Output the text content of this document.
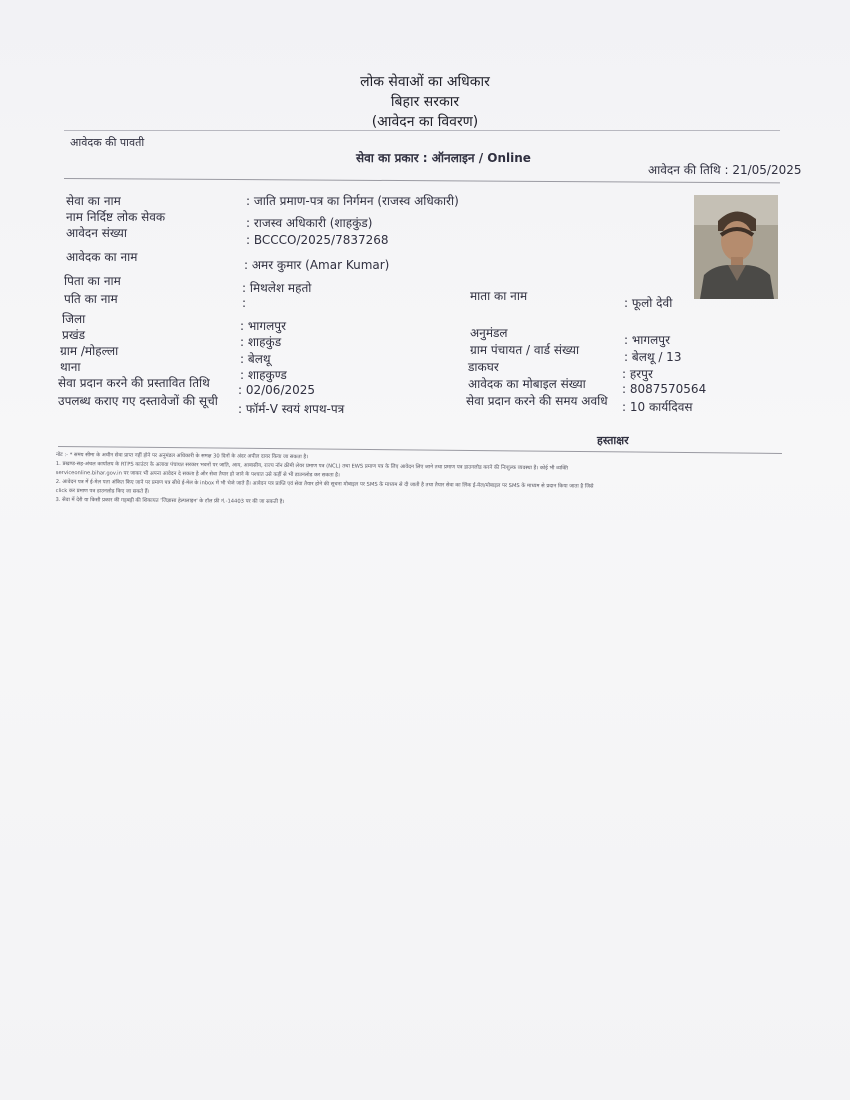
लोक सेवाओं का अधिकार
बिहार सरकार
(आवेदन का विवरण)
आवेदक की पावती
सेवा का प्रकार : ऑनलाइन / Online
आवेदन की तिथि : 21/05/2025
सेवा का नाम
नाम निर्दिष्ट लोक सेवक
आवेदन संख्या
आवेदक का नाम
पिता का नाम
पति का नाम
जिला
प्रखंड
ग्राम /मोहल्ला
थाना
सेवा प्रदान करने की प्रस्तावित तिथि
उपलब्ध कराए गए दस्तावेजों की सूची
: जाति प्रमाण-पत्र का निर्गमन (राजस्व अधिकारी)
: राजस्व अधिकारी (शाहकुंड)
: BCCCO/2025/7837268
: अमर कुमार (Amar Kumar)
: मिथलेश महतो
:
: भागलपुर
: शाहकुंड
: बेलथू
: शाहकुण्ड
: 02/06/2025
: फॉर्म-V स्वयं शपथ-पत्र
माता का नाम
अनुमंडल
ग्राम पंचायत / वार्ड संख्या
डाकघर
आवेदक का मोबाइल संख्या
सेवा प्रदान करने की समय अवधि
: फूलो देवी
: भागलपुर
: बेलथू / 13
: हरपुर
: 8087570564
: 10 कार्यदिवस
हस्ताक्षर
नोट :- * समय सीमा के अधीन सेवा प्राप्त नहीं होने पर अनुमंडल अधिकारी के समक्ष 30 दिनों के अंदर अपील दायर किया जा सकता है।
1. प्रखण्ड-सह-अंचल कार्यालय के RTPS काउंटर के अलावा पंचायत सरकार भवनों पर जाति, आय, आवासीय, राज्य नॉन क्रीमी लेयर प्रमाण पत्र (NCL) तथा EWS प्रमाण पत्र के लिए आवेदन लिए जाने तथा प्रमाण पत्र डाउनलोड करने की निःशुल्क व्यवस्था है। कोई भी व्यक्ति
serviceonline.bihar.gov.in पर जाकर भी अपना आवेदन दे सकता है और सेवा तैयार हो जाने के पश्चात उसे कहीं से भी डाउनलोड कर सकता है।
2. आवेदन पत्र में ई-मेल पता अंकित किए जाने पर प्रमाण पत्र सीधे ई-मेल के inbox में भी भेजे जाते हैं। आवेदन पत्र प्राप्ति एवं सेवा तैयार होने की सूचना मोबाइल पर SMS के माध्यम से दी जाती है तथा तैयार सेवा का लिंक ई-मेल/मोबाइल पर SMS के माध्यम से प्रदान किया जाता है जिसे
click कर प्रमाण पत्र डाउनलोड किए जा सकते हैं।
3. सेवा में देरी या किसी प्रकार की गड़बड़ी की शिकायत 'जिज्ञासा हेल्पलाइन' के टॉल फ्री नं.-14403 पर की जा सकती है।
